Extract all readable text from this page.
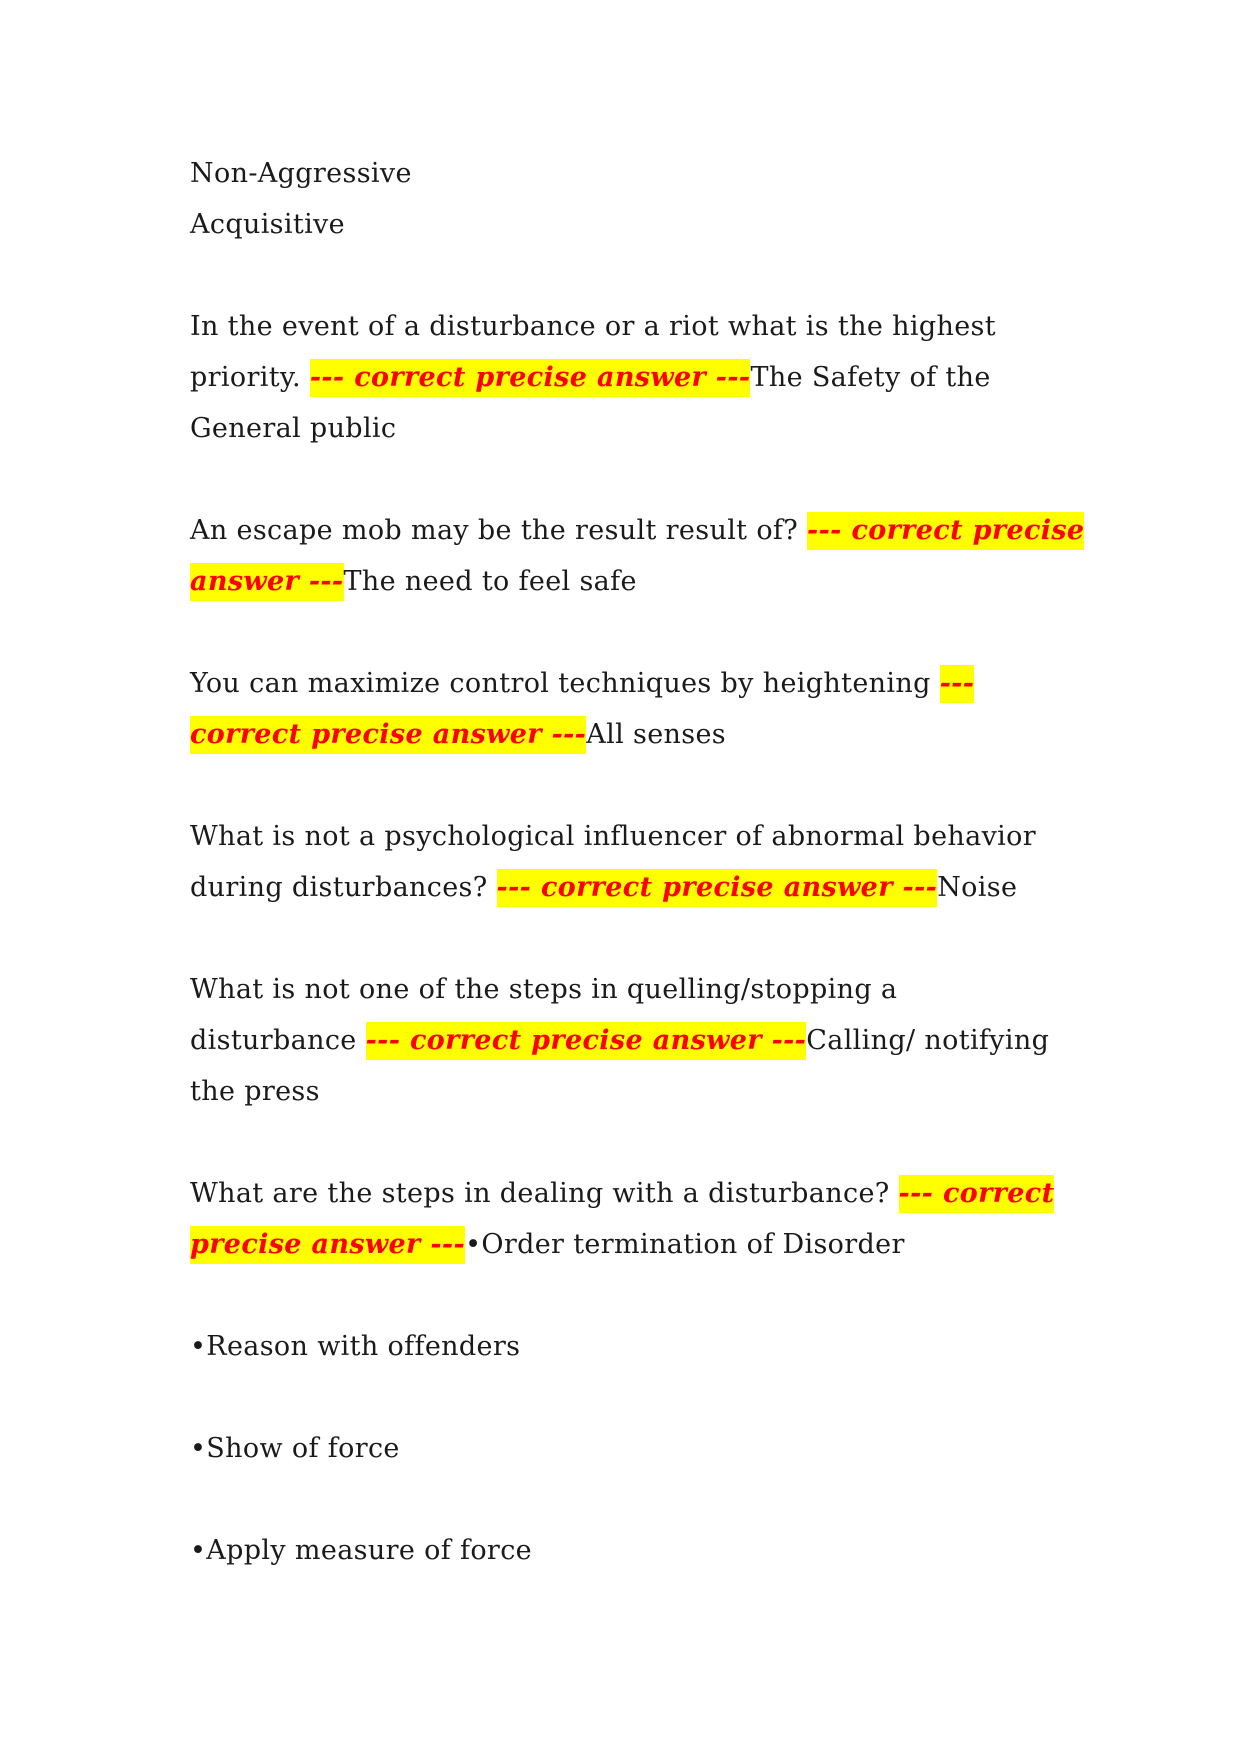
Non-Aggressive

Acquisitive

In the event of a disturbance or a riot what is the highest

priority. --- correct precise answer ---The Safety of the

General public

An escape mob may be the result result of? --- correct precise

answer ---The need to feel safe

You can maximize control techniques by heightening ---

correct precise answer ---All senses

What is not a psychological influencer of abnormal behavior

during disturbances? --- correct precise answer ---Noise

What is not one of the steps in quelling/stopping a

disturbance --- correct precise answer ---Calling/ notifying

the press

What are the steps in dealing with a disturbance? --- correct

precise answer ---•Order termination of Disorder

•Reason with offenders

•Show of force

•Apply measure of force
